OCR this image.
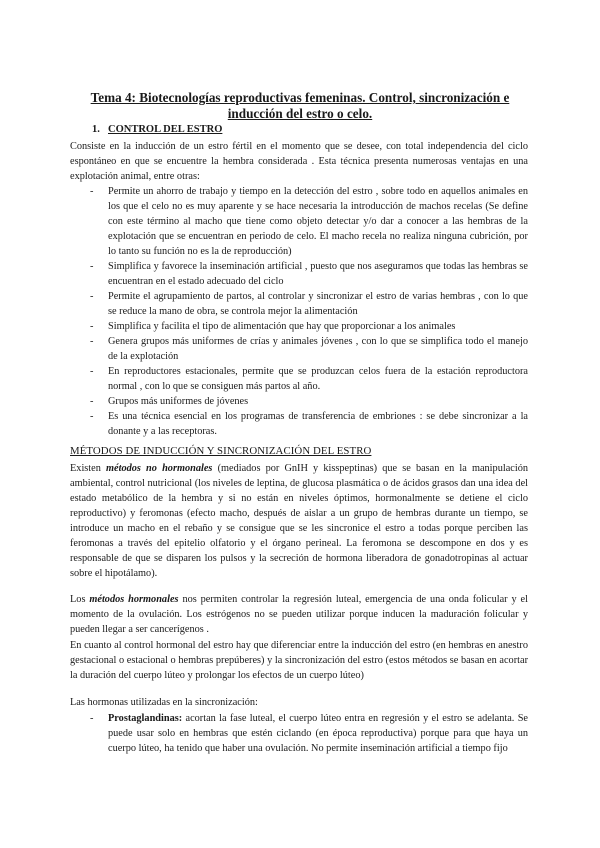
Tema 4: Biotecnologías reproductivas femeninas. Control, sincronización e inducción del estro o celo.
1. CONTROL DEL ESTRO

Consiste en la inducción de un estro fértil en el momento que se desee, con total independencia del ciclo espontáneo en que se encuentre la hembra considerada . Esta técnica presenta numerosas ventajas en una explotación animal, entre otras:

- Permite un ahorro de trabajo y tiempo en la detección del estro , sobre todo en aquellos animales en los que el celo no es muy aparente y se hace necesaria la introducción de machos recelas (Se define con este término al macho que tiene como objeto detectar y/o dar a conocer a las hembras de la explotación que se encuentran en periodo de celo. El macho recela no realiza ninguna cubrición, por lo tanto su función no es la de reproducción)
- Simplifica y favorece la inseminación artificial , puesto que nos aseguramos que todas las hembras se encuentran en el estado adecuado del ciclo
- Permite el agrupamiento de partos, al controlar y sincronizar el estro de varias hembras , con lo que se reduce la mano de obra, se controla mejor la alimentación
- Simplifica y facilita el tipo de alimentación que hay que proporcionar a los animales
- Genera grupos más uniformes de crías y animales jóvenes , con lo que se simplifica todo el manejo de la explotación
- En reproductores estacionales, permite que se produzcan celos fuera de la estación reproductora normal , con lo que se consiguen más partos al año.
- Grupos más uniformes de jóvenes
- Es una técnica esencial en los programas de transferencia de embriones : se debe sincronizar a la donante y a las receptoras.
MÉTODOS DE INDUCCIÓN Y SINCRONIZACIÓN DEL ESTRO

Existen métodos no hormonales (mediados por GnIH y kisspeptinas) que se basan en la manipulación ambiental, control nutricional (los niveles de leptina, de glucosa plasmática o de ácidos grasos dan una idea del estado metabólico de la hembra y si no están en niveles óptimos, hormonalmente se detiene el ciclo reproductivo) y feromonas (efecto macho, después de aislar a un grupo de hembras durante un tiempo, se introduce un macho en el rebaño y se consigue que se les sincronice el estro a todas porque perciben las feromonas a través del epitelio olfatorio y el órgano perineal. La feromona se descompone en dos y es responsable de que se disparen los pulsos y la secreción de hormona liberadora de gonadotropinas al actuar sobre el hipotálamo).

Los métodos hormonales nos permiten controlar la regresión luteal, emergencia de una onda folicular y el momento de la ovulación. Los estrógenos no se pueden utilizar porque inducen la maduración folicular y pueden llegar a ser cancerígenos .

En cuanto al control hormonal del estro hay que diferenciar entre la inducción del estro (en hembras en anestro gestacional o estacional o hembras prepúberes) y la sincronización del estro (estos métodos se basan en acortar la duración del cuerpo lúteo y prolongar los efectos de un cuerpo lúteo)

Las hormonas utilizadas en la sincronización:

- Prostaglandinas: acortan la fase luteal, el cuerpo lúteo entra en regresión y el estro se adelanta. Se puede usar solo en hembras que estén ciclando (en época reproductiva) porque para que haya un cuerpo lúteo, ha tenido que haber una ovulación. No permite inseminación artificial a tiempo fijo
